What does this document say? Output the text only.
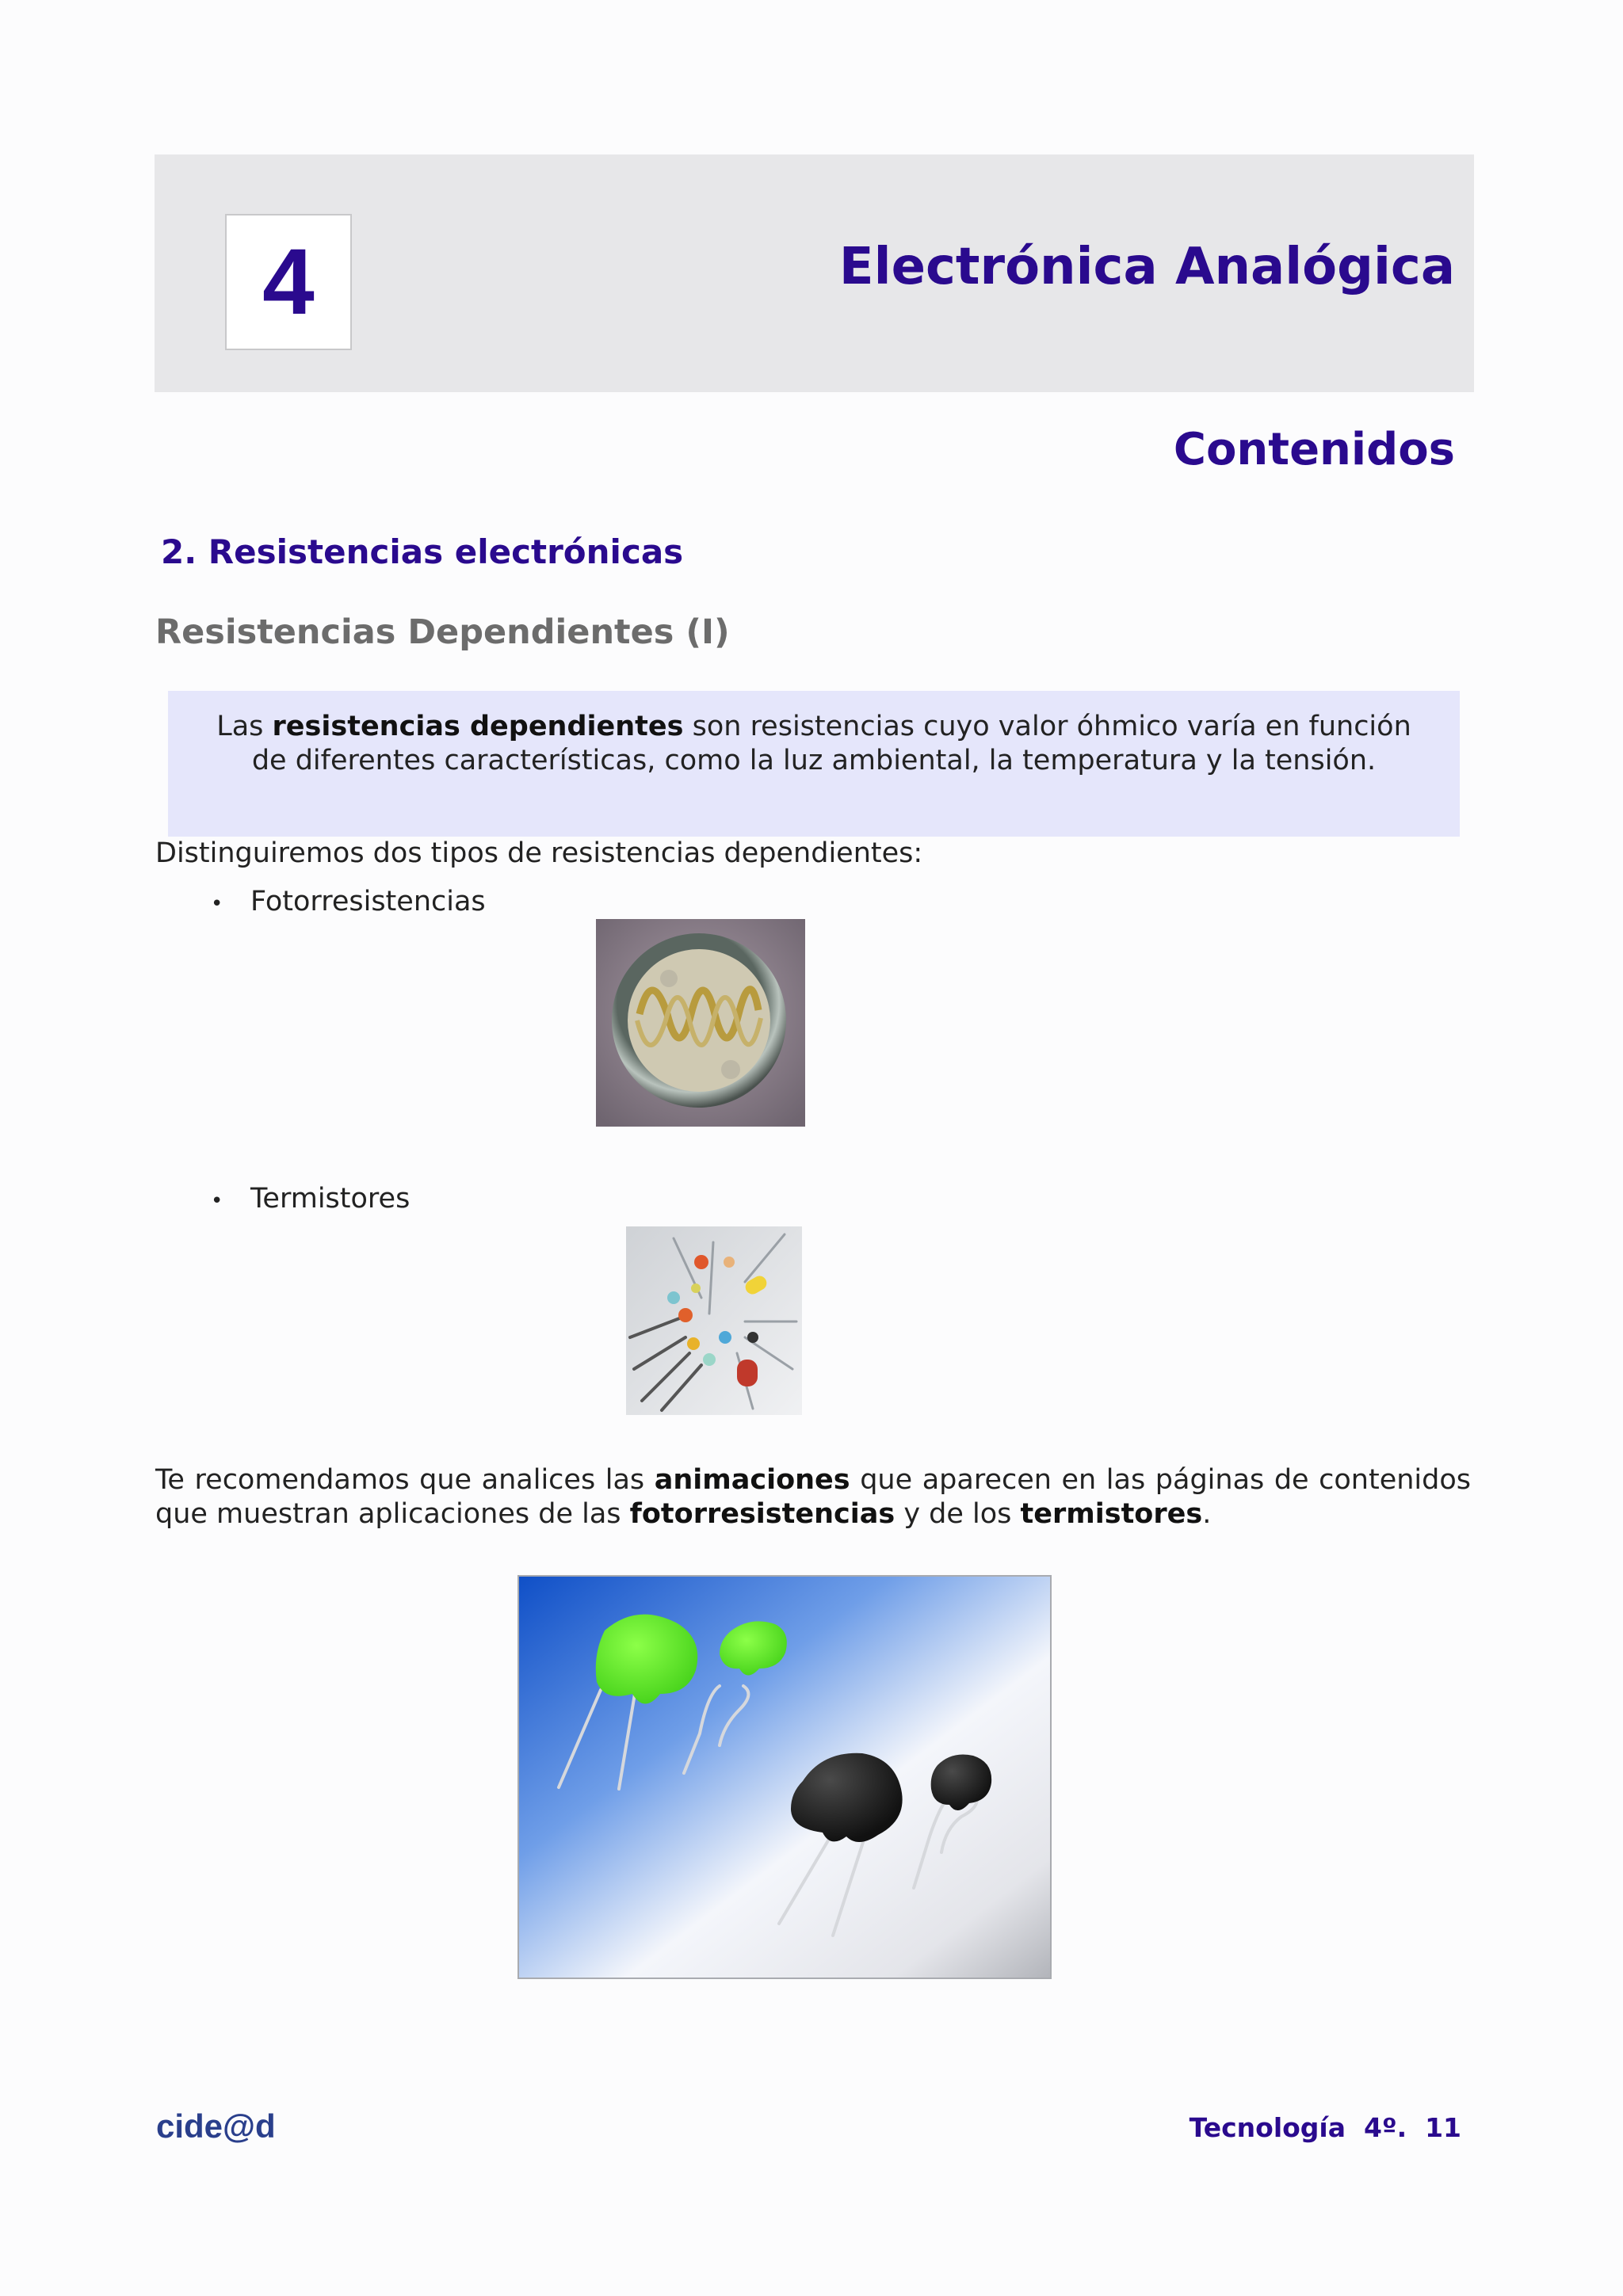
4	Electrónica Analógica
Contenidos
2. Resistencias electrónicas
Resistencias Dependientes (I)
Las resistencias dependientes son resistencias cuyo valor óhmico varía en función de diferentes características, como la luz ambiental, la temperatura y la tensión.
Distinguiremos dos tipos de resistencias dependientes:
• Fotorresistencias
• Termistores
Te recomendamos que analices las animaciones que aparecen en las páginas de contenidos que muestran aplicaciones de las fotorresistencias y de los termistores.
cide@d	Tecnología  4º.  11
